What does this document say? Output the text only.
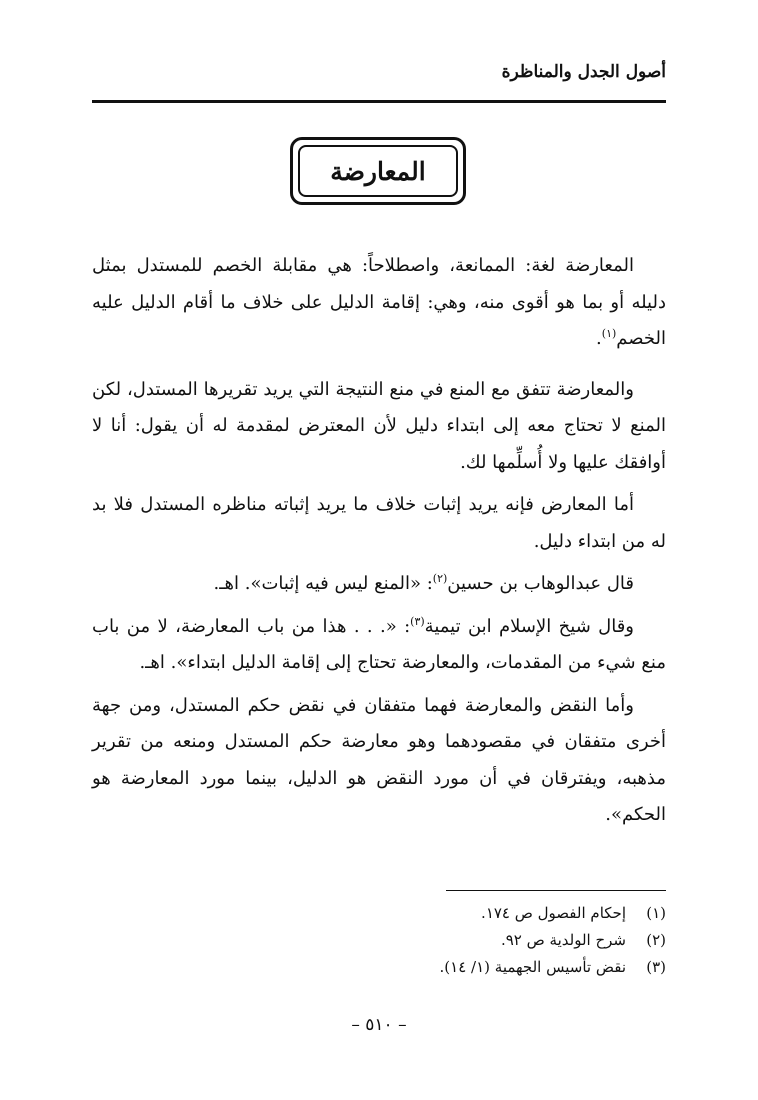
أصول الجدل والمناظرة
المعارضة

المعارضة لغة: الممانعة، واصطلاحاً: هي مقابلة الخصم للمستدل بمثل دليله أو بما هو أقوى منه، وهي: إقامة الدليل على خلاف ما أقام الدليل عليه الخصم$^{(١)}$.

والمعارضة تتفق مع المنع في منع النتيجة التي يريد تقريرها المستدل، لكن المنع لا تحتاج معه إلى ابتداء دليل لأن المعترض لمقدمة له أن يقول: أنا لا أوافقك عليها ولا أُسلِّمها لك.

أما المعارض فإنه يريد إثبات خلاف ما يريد إثباته مناظره المستدل فلا بد له من ابتداء دليل.

قال عبدالوهاب بن حسين$^{(٢)}$: «المنع ليس فيه إثبات». اهـ.

وقال شيخ الإسلام ابن تيمية$^{(٣)}$: «. . . هذا من باب المعارضة، لا من باب منع شيء من المقدمات، والمعارضة تحتاج إلى إقامة الدليل ابتداء». اهـ.

وأما النقض والمعارضة فهما متفقان في نقض حكم المستدل، ومن جهة أخرى متفقان في مقصودهما وهو معارضة حكم المستدل ومنعه من تقرير مذهبه، ويفترقان في أن مورد النقض هو الدليل، بينما مورد المعارضة هو الحكم».

(١)
إحكام الفصول ص ١٧٤.
(٢)
شرح الولدية ص ٩٢.
(٣)
نقض تأسيس الجهمية (١/ ١٤).
– ٥١٠ –
